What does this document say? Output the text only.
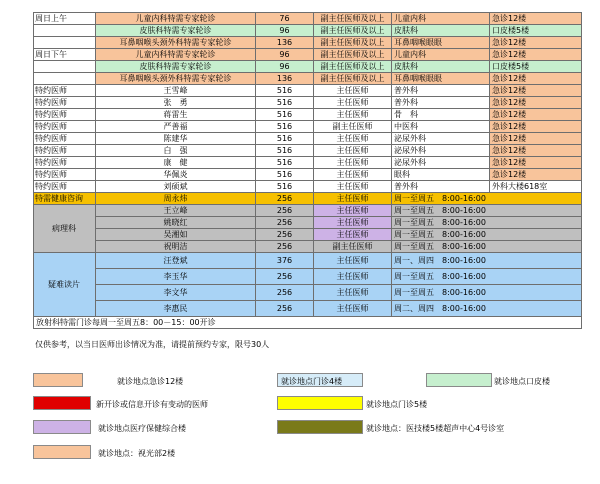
周日上午	儿童内科特需专家轮诊	76	副主任医师及以上	儿童内科	急诊12楼
	皮肤科特需专家轮诊	96	副主任医师及以上	皮肤科	口皮楼5楼
	耳鼻咽喉头颈外科特需专家轮诊	136	副主任医师及以上	耳鼻咽喉眼眼	急诊12楼
周日下午	儿童内科特需专家轮诊	96	副主任医师及以上	儿童内科	急诊12楼
	皮肤科特需专家轮诊	96	副主任医师及以上	皮肤科	口皮楼5楼
	耳鼻咽喉头颈外科特需专家轮诊	136	副主任医师及以上	耳鼻咽喉眼眼	急诊12楼
特约医师	王雪峰	516	主任医师	普外科	急诊12楼
特约医师	张　勇	516	主任医师	普外科	急诊12楼
特约医师	蒋雷生	516	主任医师	骨　科	急诊12楼
特约医师	严善福	516	副主任医师	中医科	急诊12楼
特约医师	陈建华	516	主任医师	泌尿外科	急诊12楼
特约医师	白　强	516	主任医师	泌尿外科	急诊12楼
特约医师	康　健	516	主任医师	泌尿外科	急诊12楼
特约医师	华佩炎	516	主任医师	眼科	急诊12楼
特约医师	刘硕斌	516	主任医师	普外科	外科大楼618室
特需健康咨询	周永炜	256	主任医师	周一至周五　8:00-16:00	
病理科	王立峰	256	主任医师	周一至周五　8:00-16:00	
	姚晓红	256	主任医师	周一至周五　8:00-16:00	
	吴湘如	256	主任医师	周一至周五　8:00-16:00	
	祝明洁	256	副主任医师	周一至周五　8:00-16:00	
疑难读片	汪登斌	376	主任医师	周一、周四　8:00-16:00	
	李玉华	256	主任医师	周一至周五　8:00-16:00	
	李文华	256	主任医师	周一至周五　8:00-16:00	
	李惠民	256	主任医师	周二、周四　8:00-16:00	
放射科特需门诊每周一至周五8：00－15：00开诊					
仅供参考，以当日医师出诊情况为准，请提前预约专家，限号30人
就诊地点急诊12楼	就诊地点门诊4楼	就诊地点口皮楼
新开诊或信息开诊有变动的医师	就诊地点门诊5楼
就诊地点医疗保健综合楼	就诊地点：医技楼5楼超声中心4号诊室
就诊地点：视光部2楼
